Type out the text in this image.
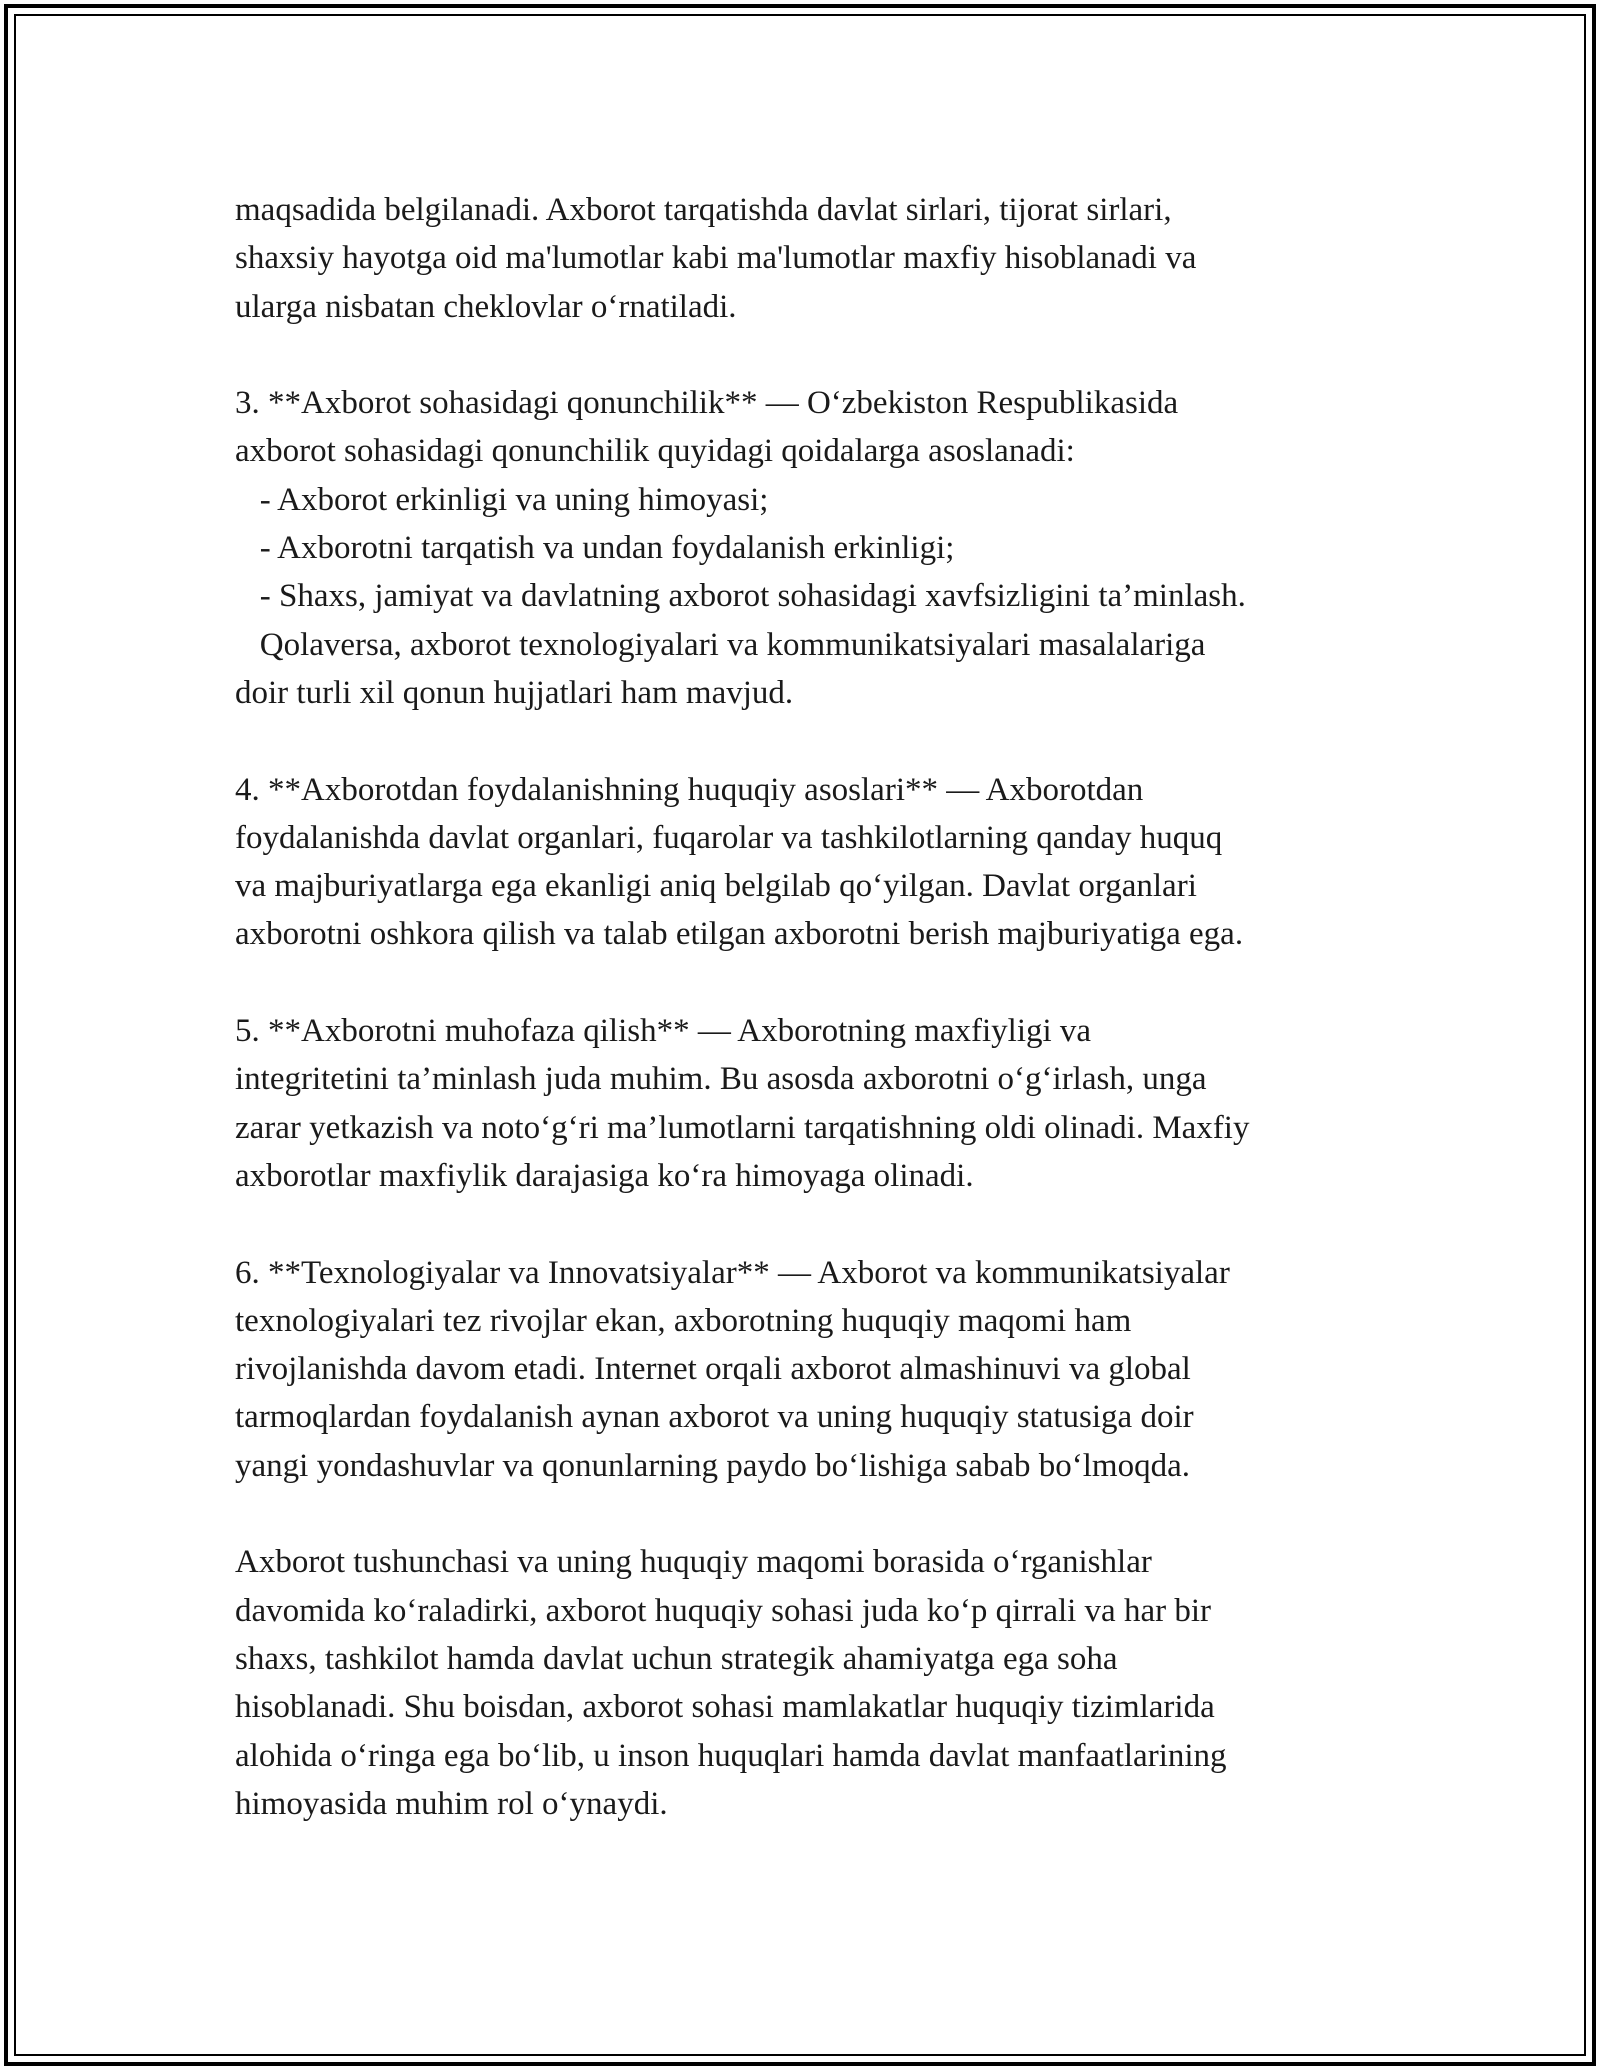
maqsadida belgilanadi. Axborot tarqatishda davlat sirlari, tijorat sirlari,
shaxsiy hayotga oid ma'lumotlar kabi ma'lumotlar maxfiy hisoblanadi va
ularga nisbatan cheklovlar o‘rnatiladi.

3. **Axborot sohasidagi qonunchilik** — O‘zbekiston Respublikasida
axborot sohasidagi qonunchilik quyidagi qoidalarga asoslanadi:
- Axborot erkinligi va uning himoyasi;
- Axborotni tarqatish va undan foydalanish erkinligi;
- Shaxs, jamiyat va davlatning axborot sohasidagi xavfsizligini ta’minlash.
Qolaversa, axborot texnologiyalari va kommunikatsiyalari masalalariga
doir turli xil qonun hujjatlari ham mavjud.

4. **Axborotdan foydalanishning huquqiy asoslari** — Axborotdan
foydalanishda davlat organlari, fuqarolar va tashkilotlarning qanday huquq
va majburiyatlarga ega ekanligi aniq belgilab qo‘yilgan. Davlat organlari
axborotni oshkora qilish va talab etilgan axborotni berish majburiyatiga ega.

5. **Axborotni muhofaza qilish** — Axborotning maxfiyligi va
integritetini ta’minlash juda muhim. Bu asosda axborotni o‘g‘irlash, unga
zarar yetkazish va noto‘g‘ri ma’lumotlarni tarqatishning oldi olinadi. Maxfiy
axborotlar maxfiylik darajasiga ko‘ra himoyaga olinadi.

6. **Texnologiyalar va Innovatsiyalar** — Axborot va kommunikatsiyalar
texnologiyalari tez rivojlar ekan, axborotning huquqiy maqomi ham
rivojlanishda davom etadi. Internet orqali axborot almashinuvi va global
tarmoqlardan foydalanish aynan axborot va uning huquqiy statusiga doir
yangi yondashuvlar va qonunlarning paydo bo‘lishiga sabab bo‘lmoqda.

Axborot tushunchasi va uning huquqiy maqomi borasida o‘rganishlar
davomida ko‘raladirki, axborot huquqiy sohasi juda ko‘p qirrali va har bir
shaxs, tashkilot hamda davlat uchun strategik ahamiyatga ega soha
hisoblanadi. Shu boisdan, axborot sohasi mamlakatlar huquqiy tizimlarida
alohida o‘ringa ega bo‘lib, u inson huquqlari hamda davlat manfaatlarining
himoyasida muhim rol o‘ynaydi.
